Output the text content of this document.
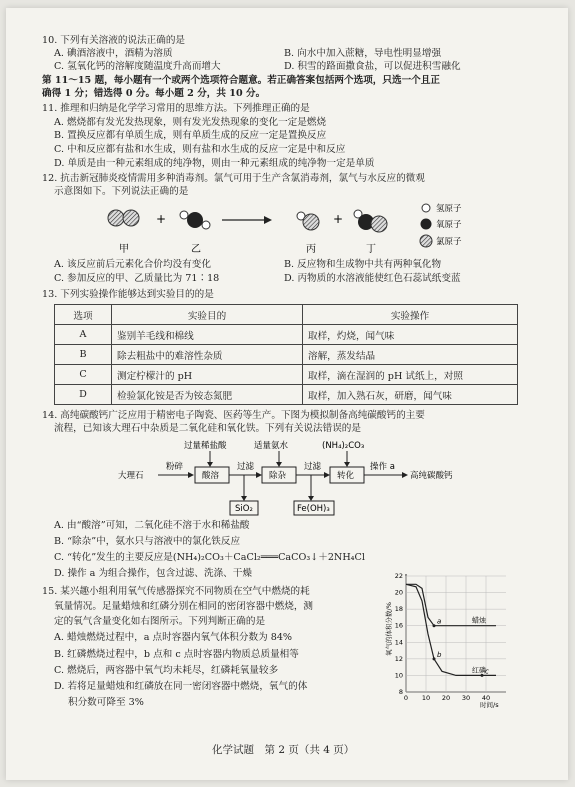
10. 下列有关溶液的说法正确的是
A. 碘酒溶液中，酒精为溶质	B. 向水中加入蔗糖，导电性明显增强
C. 氢氧化钙的溶解度随温度升高而增大	D. 积雪的路面撒食盐，可以促进积雪融化
第 11～15 题，每小题有一个或两个选项符合题意。若正确答案包括两个选项，只选一个且正
确得 1 分；错选得 0 分。每小题 2 分，共 10 分。
11. 推理和归纳是化学学习常用的思维方法。下列推理正确的是
A. 燃烧都有发光发热现象，则有发光发热现象的变化一定是燃烧
B. 置换反应都有单质生成，则有单质生成的反应一定是置换反应
C. 中和反应都有盐和水生成，则有盐和水生成的反应一定是中和反应
D. 单质是由一种元素组成的纯净物，则由一种元素组成的纯净物一定是单质
12. 抗击新冠肺炎疫情需用多种消毒剂。氯气可用于生产含氯消毒剂，氯气与水反应的微观
示意图如下。下列说法正确的是
+	+
甲	乙	丙	丁
氢原子
氧原子
氯原子
A. 该反应前后元素化合价均没有变化	B. 反应物和生成物中共有两种氧化物
C. 参加反应的甲、乙质量比为 71∶18	D. 丙物质的水溶液能使红色石蕊试纸变蓝
13. 下列实验操作能够达到实验目的的是
选项	实验目的	实验操作
A	鉴别羊毛线和棉线	取样，灼烧，闻气味
B	除去粗盐中的难溶性杂质	溶解，蒸发结晶
C	测定柠檬汁的 pH	取样，滴在湿润的 pH 试纸上，对照
D	检验氯化铵是否为铵态氮肥	取样，加入熟石灰，研磨，闻气味
14. 高纯碳酸钙广泛应用于精密电子陶瓷、医药等生产。下图为模拟制备高纯碳酸钙的主要
流程，已知该大理石中杂质是二氧化硅和氧化铁。下列有关说法错误的是
大理石
粉碎
过量稀盐酸
酸溶
过滤
SiO₂
适量氨水
除杂
过滤
Fe(OH)₃
(NH₄)₂CO₃
转化
操作 a
高纯碳酸钙
A. 由“酸溶”可知，二氧化硅不溶于水和稀盐酸
B. “除杂”中，氨水只与溶液中的氯化铁反应
C. “转化”发生的主要反应是(NH₄)₂CO₃＋CaCl₂═══CaCO₃↓＋2NH₄Cl
D. 操作 a 为组合操作，包含过滤、洗涤、干燥
15. 某兴趣小组利用氧气传感器探究不同物质在空气中燃烧的耗
氧量情况。足量蜡烛和红磷分别在相同的密闭容器中燃烧，测
定的氧气含量变化如右图所示。下列判断正确的是
A. 蜡烛燃烧过程中，a 点时容器内氧气体积分数为 84%
B. 红磷燃烧过程中，b 点和 c 点时容器内物质总质量相等
C. 燃烧后，两容器中氧气均未耗尽，红磷耗氧量较多
D. 若将足量蜡烛和红磷放在同一密闭容器中燃烧，氧气的体
积分数可降至 3%
8
10
12
14
16
18
20
22
0 10 20 30 40
氧气的体积分数/%
时间/s
蜡烛
红磷
a
b
c
化学试题　第 2 页（共 4 页）
